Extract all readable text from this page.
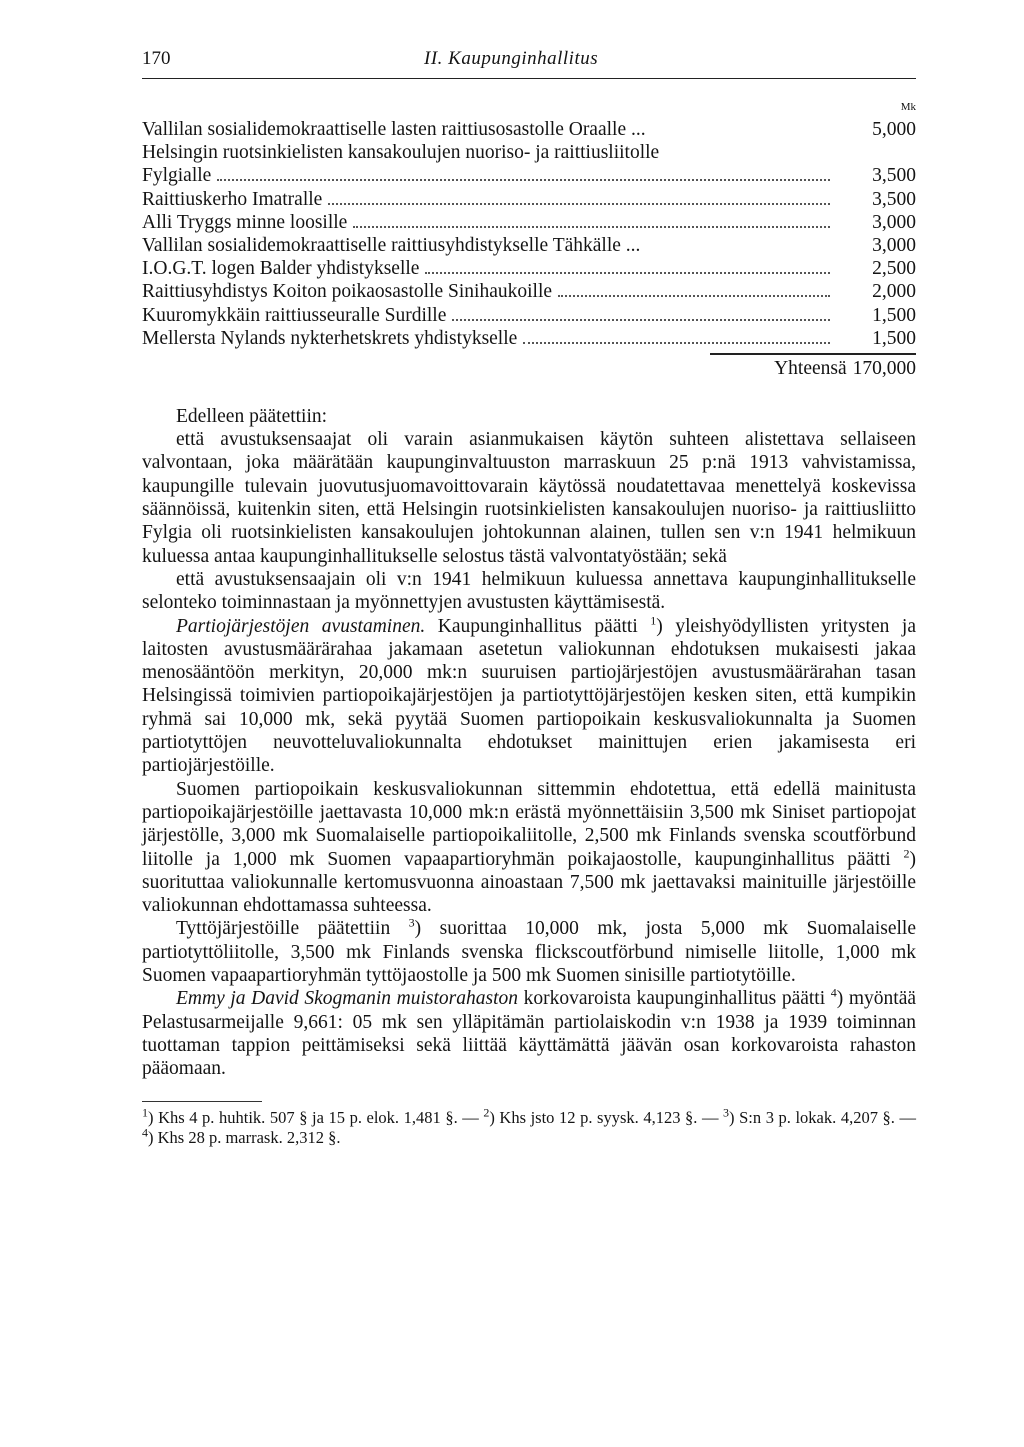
170	II. Kaupunginhallitus
Mk
Vallilan sosialidemokraattiselle lasten raittiusosastolle Oraalle ...	5,000
Helsingin ruotsinkielisten kansakoulujen nuoriso- ja raittiusliitolle
Fylgialle	3,500
Raittiuskerho Imatralle	3,500
Alli Tryggs minne loosille	3,000
Vallilan sosialidemokraattiselle raittiusyhdistykselle Tähkälle ...	3,000
I.O.G.T. logen Balder yhdistykselle	2,500
Raittiusyhdistys Koiton poikaosastolle Sinihaukoille	2,000
Kuuromykkäin raittiusseuralle Surdille	1,500
Mellersta Nylands nykterhetskrets yhdistykselle	1,500
Yhteensä 170,000

Edelleen päätettiin:

että avustuksensaajat oli varain asianmukaisen käytön suhteen alistettava sellaiseen valvontaan, joka määrätään kaupunginvaltuuston marraskuun 25 p:nä 1913 vahvistamissa, kaupungille tulevain juovutusjuomavoittovarain käytössä noudatettavaa menettelyä koskevissa säännöissä, kuitenkin siten, että Helsingin ruotsinkielisten kansakoulujen nuoriso- ja raittiusliitto Fylgia oli ruotsinkielisten kansakoulujen johtokunnan alainen, tullen sen v:n 1941 helmikuun kuluessa antaa kaupunginhallitukselle selostus tästä valvontatyöstään; sekä

että avustuksensaajain oli v:n 1941 helmikuun kuluessa annettava kaupunginhallitukselle selonteko toiminnastaan ja myönnettyjen avustusten käyttämisestä.

Partiojärjestöjen avustaminen. Kaupunginhallitus päätti $^1$) yleishyödyllisten yritysten ja laitosten avustusmäärärahaa jakamaan asetetun valiokunnan ehdotuksen mukaisesti jakaa menosääntöön merkityn, 20,000 mk:n suuruisen partiojärjestöjen avustusmäärärahan tasan Helsingissä toimivien partiopoikajärjestöjen ja partiotyttöjärjestöjen kesken siten, että kumpikin ryhmä sai 10,000 mk, sekä pyytää Suomen partiopoikain keskusvaliokunnalta ja Suomen partiotyttöjen neuvotteluvaliokunnalta ehdotukset mainittujen erien jakamisesta eri partiojärjestöille.

Suomen partiopoikain keskusvaliokunnan sittemmin ehdotettua, että edellä mainitusta partiopoikajärjestöille jaettavasta 10,000 mk:n erästä myönnettäisiin 3,500 mk Siniset partiopojat järjestölle, 3,000 mk Suomalaiselle partiopoikaliitolle, 2,500 mk Finlands svenska scoutförbund liitolle ja 1,000 mk Suomen vapaapartioryhmän poikajaostolle, kaupunginhallitus päätti $^2$) suorituttaa valiokunnalle kertomusvuonna ainoastaan 7,500 mk jaettavaksi mainituille järjestöille valiokunnan ehdottamassa suhteessa.

Tyttöjärjestöille päätettiin $^3$) suorittaa 10,000 mk, josta 5,000 mk Suomalaiselle partiotyttöliitolle, 3,500 mk Finlands svenska flickscoutförbund nimiselle liitolle, 1,000 mk Suomen vapaapartioryhmän tyttöjaostolle ja 500 mk Suomen sinisille partiotytöille.

Emmy ja David Skogmanin muistorahaston korkovaroista kaupunginhallitus päätti $^4$) myöntää Pelastusarmeijalle 9,661: 05 mk sen ylläpitämän partiolaiskodin v:n 1938 ja 1939 toiminnan tuottaman tappion peittämiseksi sekä liittää käyttämättä jäävän osan korkovaroista rahaston pääomaan.

$^1$) Khs 4 p. huhtik. 507 § ja 15 p. elok. 1,481 §. — $^2$) Khs jsto 12 p. syysk. 4,123 §. — $^3$) S:n 3 p. lokak. 4,207 §. — $^4$) Khs 28 p. marrask. 2,312 §.
